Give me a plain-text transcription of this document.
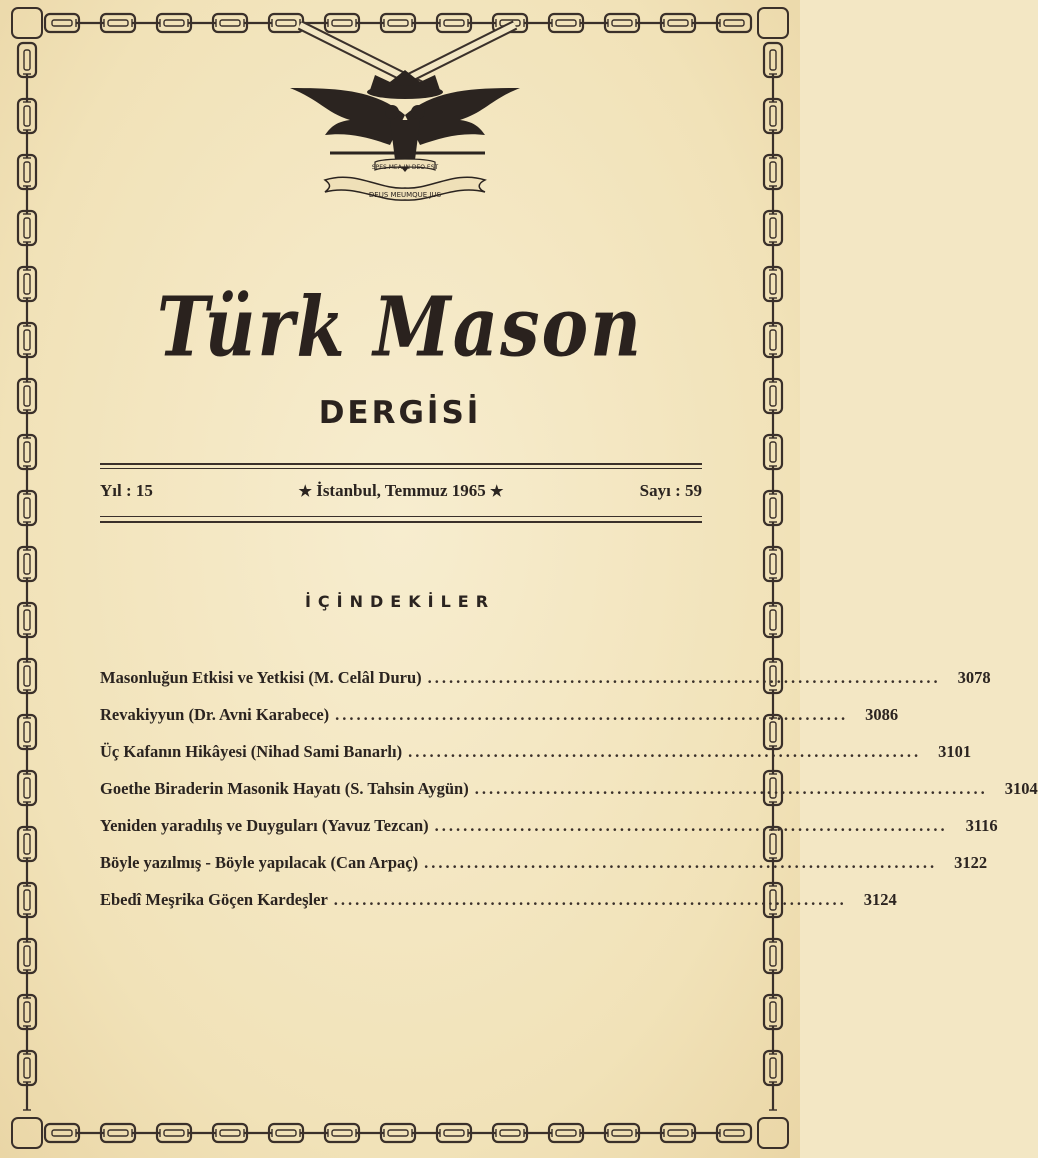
DEUS MEUMQUE JUS
SPES MEA IN DEO EST
Türk Mason
DERGİSİ
Yıl : 15	★ İstanbul, Temmuz 1965 ★	Sayı : 59
İÇİNDEKİLER
Masonluğun Etkisi ve Yetkisi (M. Celâl Duru) ........................................................................	3078
Revakiyyun (Dr. Avni Karabece) ........................................................................	3086
Üç Kafanın Hikâyesi (Nihad Sami Banarlı) ........................................................................	3101
Goethe Biraderin Masonik Hayatı (S. Tahsin Aygün) ........................................................................	3104
Yeniden yaradılış ve Duyguları (Yavuz Tezcan) ........................................................................	3116
Böyle yazılmış - Böyle yapılacak (Can Arpaç) ........................................................................	3122
Ebedî Meşrika Göçen Kardeşler ........................................................................	3124
